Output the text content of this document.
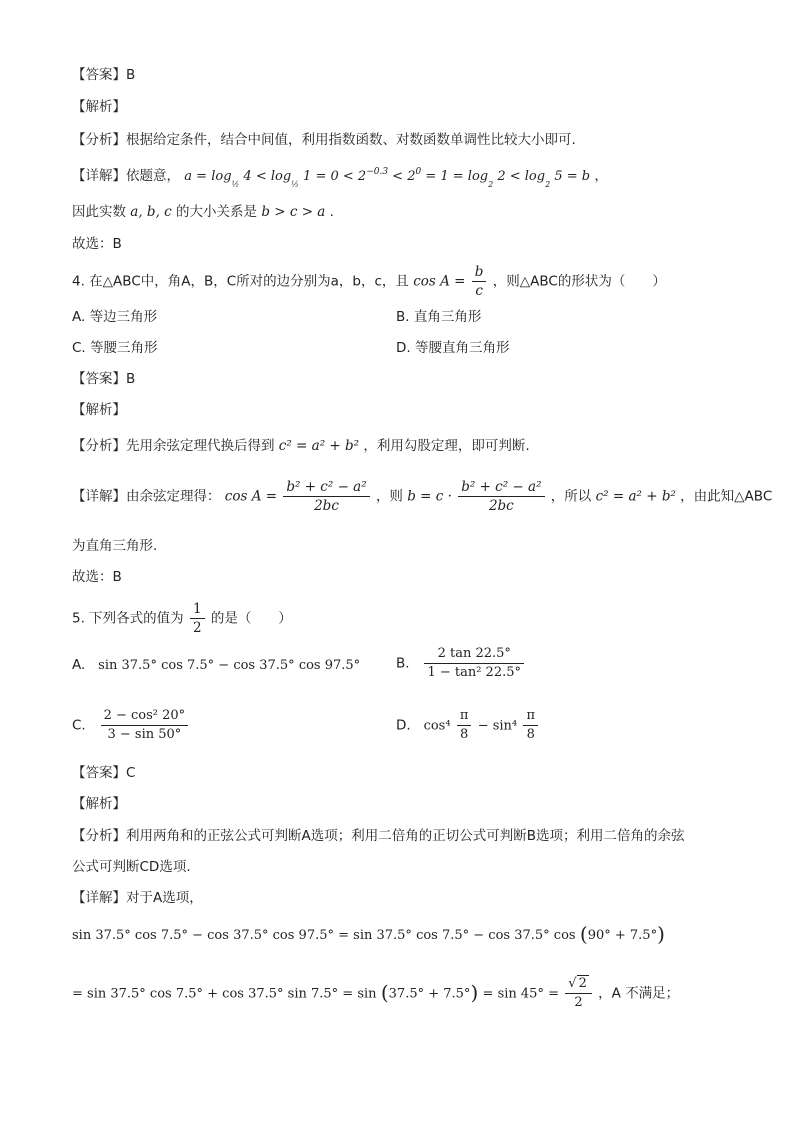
【答案】B
【解析】
【分析】根据给定条件，结合中间值，利用指数函数、对数函数单调性比较大小即可.
【详解】依题意， $a = \log_{\frac{1}{2}} 4 < \log_{\frac{1}{2}} 1 = 0 < 2^{-0.3} < 2^0 = 1 = \log_2 2 < \log_2 5 = b$ ，
因此实数 a, b, c 的大小关系是 b > c > a .
故选：B
4. 在△ABC中，角A，B，C所对的边分别为a，b，c，且 $\cos A = \frac{b}{c}$ ，则△ABC的形状为（　　）
A. 等边三角形	B. 直角三角形
C. 等腰三角形	D. 等腰直角三角形
【答案】B
【解析】
【分析】先用余弦定理代换后得到 c² = a² + b² ，利用勾股定理，即可判断.
【详解】由余弦定理得： $\cos A = \frac{\text{b² + c² − a²}}{2bc}$ ，则 $b = c \cdot \frac{\text{b² + c² − a²}}{2bc}$ ，所以 c² = a² + b² ，由此知△ABC
为直角三角形.
故选：B
5. 下列各式的值为 $\frac{1}{2}$ 的是（　　）
A. sin 37.5° cos 7.5° − cos 37.5° cos 97.5°	B. $\frac{2 \tan 22.5^\circ}{\text{1 − tan² 22.5°}}$
C. $\frac{\text{2 − cos² 20°}}{3 - \sin 50^\circ}$	D. $\cos^4 \frac{\pi}{8} - \sin^4 \frac{\pi}{8}$
【答案】C
【解析】
【分析】利用两角和的正弦公式可判断A选项；利用二倍角的正切公式可判断B选项；利用二倍角的余弦
公式可判断CD选项.
【详解】对于A选项，
sin 37.5° cos 7.5° − cos 37.5° cos 97.5° = sin 37.5° cos 7.5° − cos 37.5° cos (90° + 7.5°)
= sin 37.5° cos 7.5° + cos 37.5° $\sin 7.5^\circ = \sin (37.5^\circ + 7.5^\circ) = \sin 45^\circ = \frac{√ 2}{2}$ ，A 不满足；
